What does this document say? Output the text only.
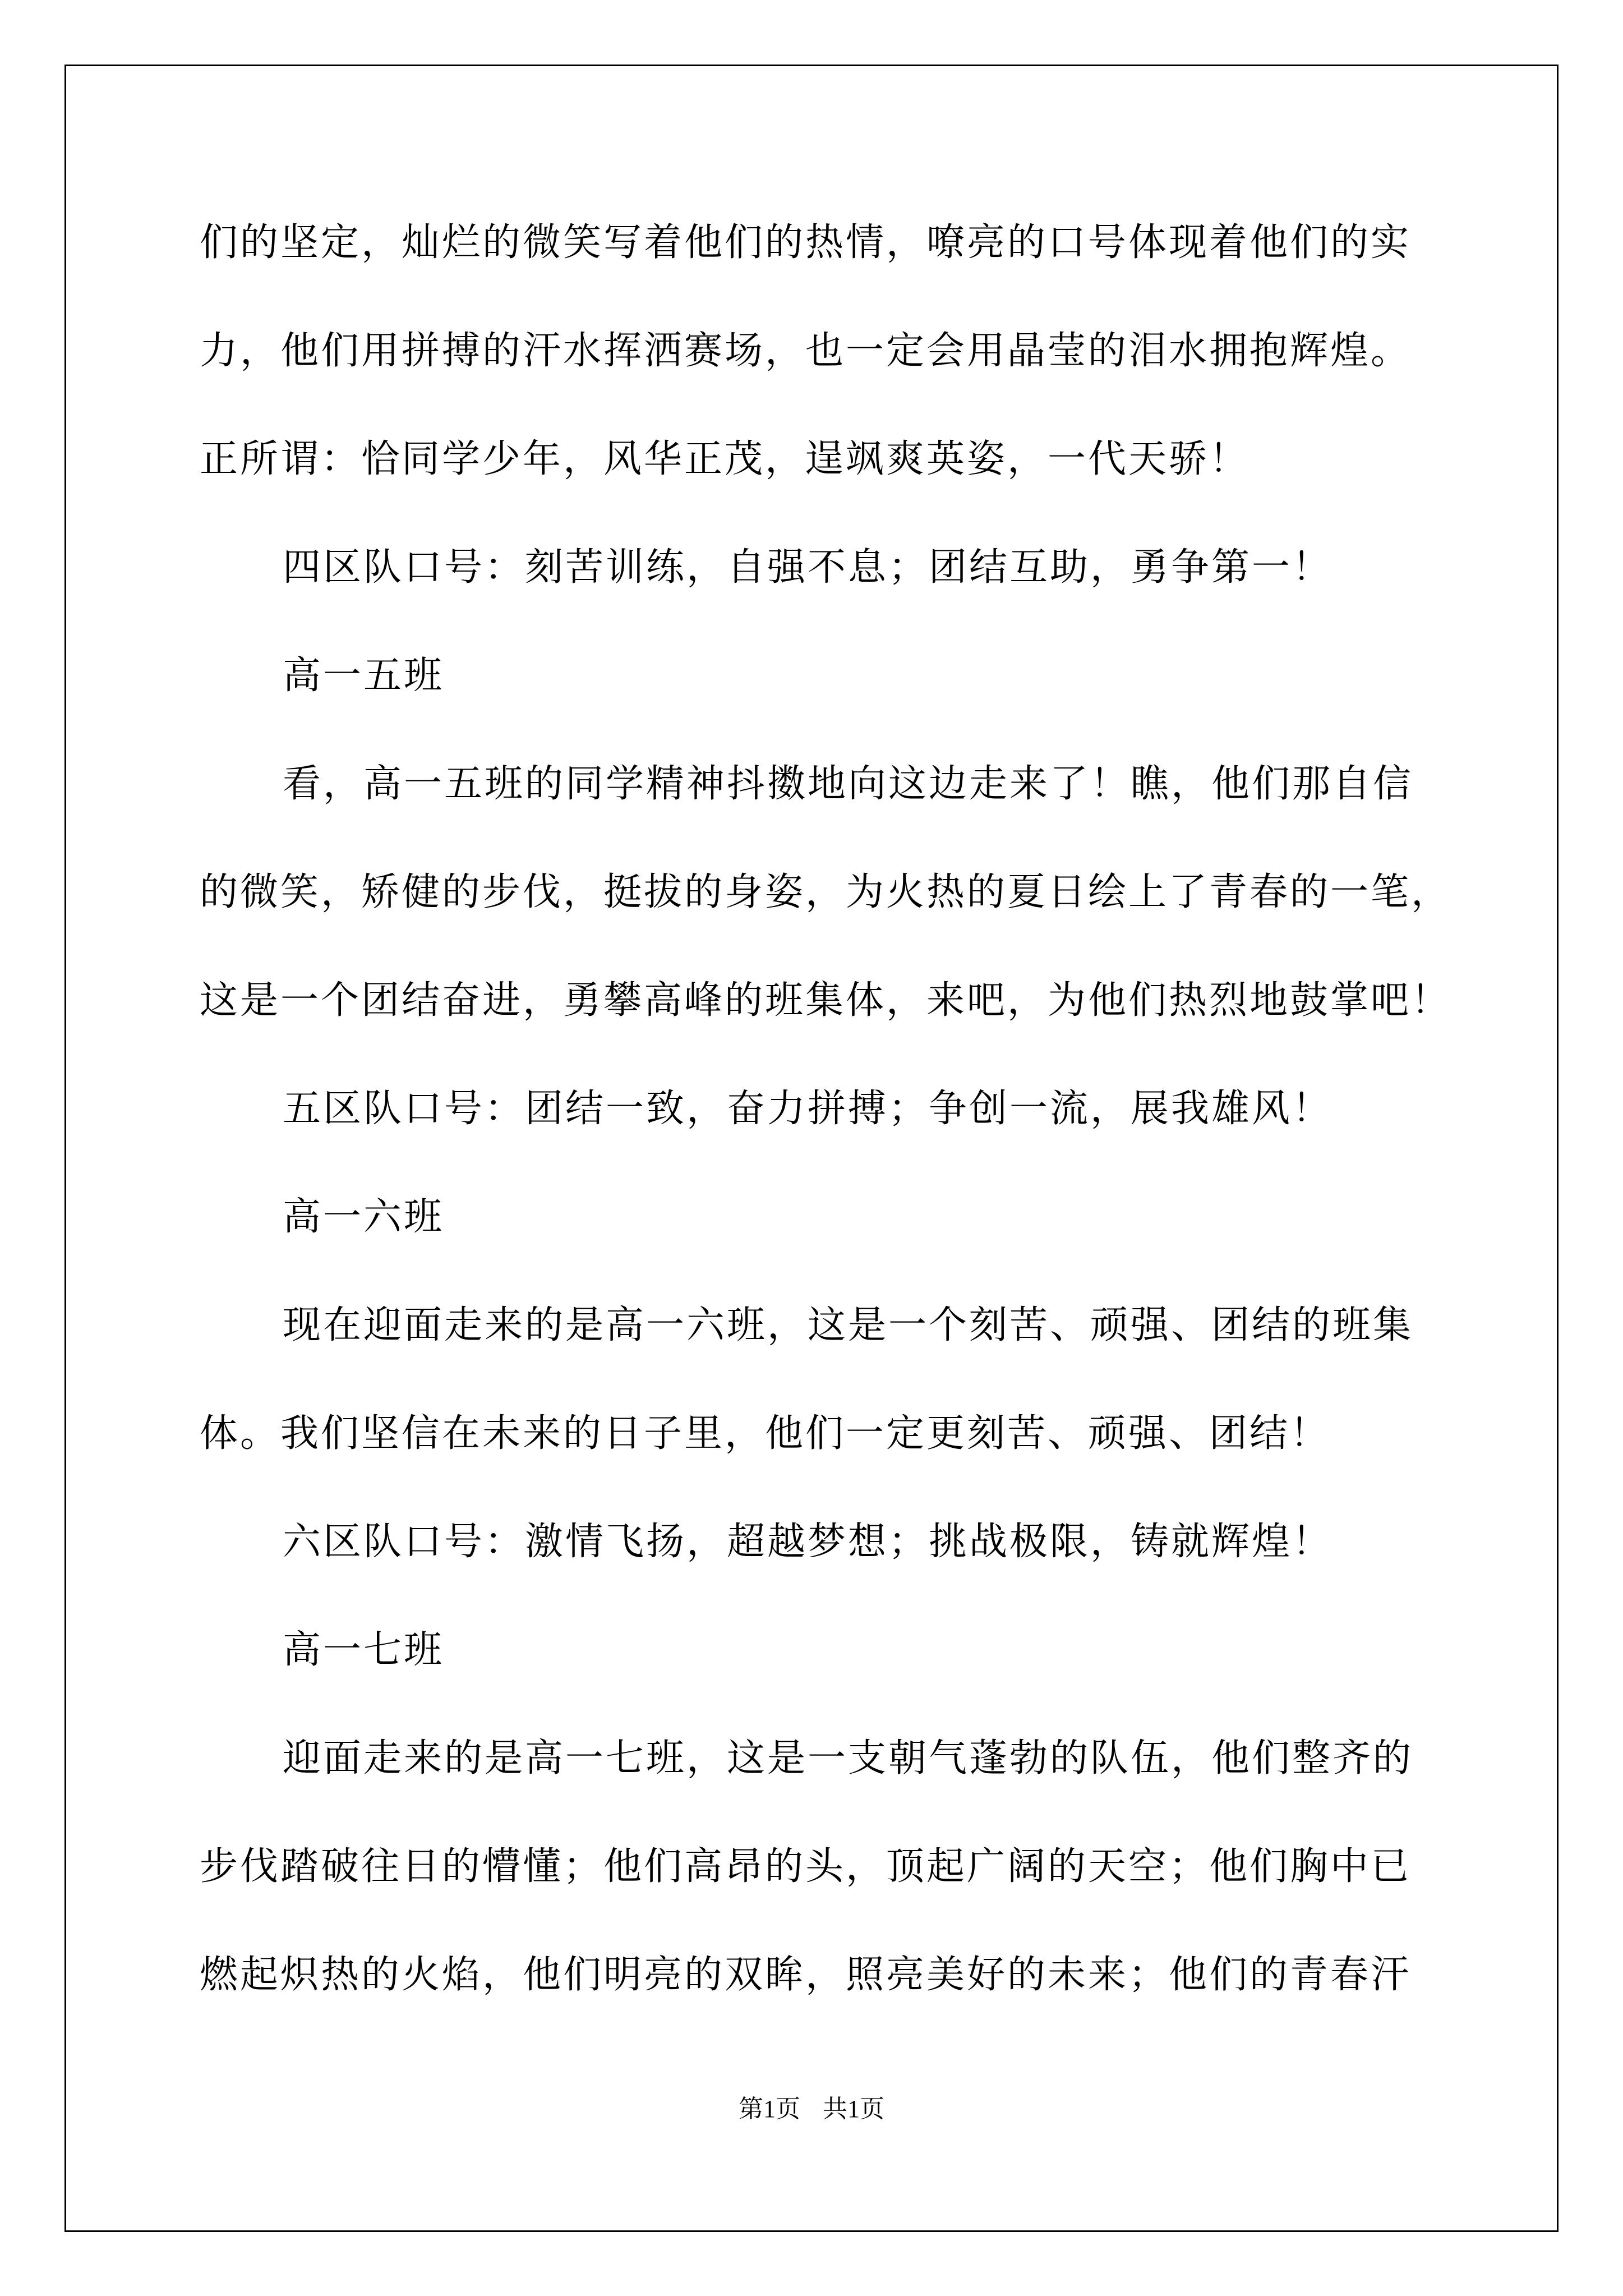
们的坚定，灿烂的微笑写着他们的热情，嘹亮的口号体现着他们的实
力，他们用拼搏的汗水挥洒赛场，也一定会用晶莹的泪水拥抱辉煌。
正所谓：恰同学少年，风华正茂，逞飒爽英姿，一代天骄！
四区队口号：刻苦训练，自强不息；团结互助，勇争第一！
高一五班
看，高一五班的同学精神抖擞地向这边走来了！瞧，他们那自信
的微笑，矫健的步伐，挺拔的身姿，为火热的夏日绘上了青春的一笔，
这是一个团结奋进，勇攀高峰的班集体，来吧，为他们热烈地鼓掌吧！
五区队口号：团结一致，奋力拼搏；争创一流，展我雄风！
高一六班
现在迎面走来的是高一六班，这是一个刻苦、顽强、团结的班集
体。我们坚信在未来的日子里，他们一定更刻苦、顽强、团结！
六区队口号：激情飞扬，超越梦想；挑战极限，铸就辉煌！
高一七班
迎面走来的是高一七班，这是一支朝气蓬勃的队伍，他们整齐的
步伐踏破往日的懵懂；他们高昂的头，顶起广阔的天空；他们胸中已
燃起炽热的火焰，他们明亮的双眸，照亮美好的未来；他们的青春汗
第1页 共1页
